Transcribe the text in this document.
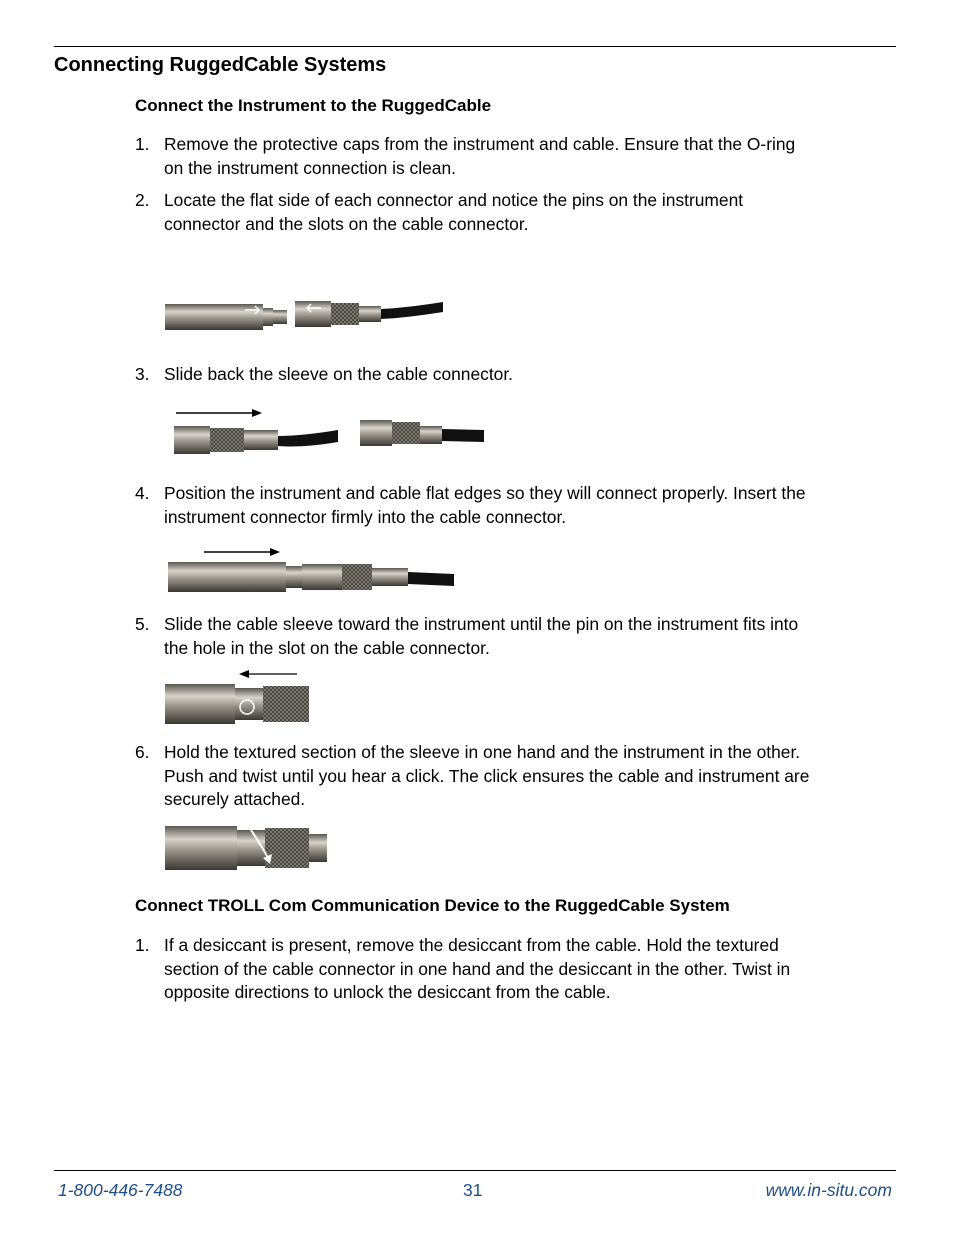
Connecting RuggedCable Systems
Connect the Instrument to the RuggedCable
1. Remove the protective caps from the instrument and cable. Ensure that the O-ring
on the instrument connection is clean.
2. Locate the flat side of each connector and notice the pins on the instrument
connector and the slots on the cable connector.
3. Slide back the sleeve on the cable connector.
4. Position the instrument and cable flat edges so they will connect properly. Insert the
instrument connector firmly into the cable connector.
5. Slide the cable sleeve toward the instrument until the pin on the instrument fits into
the hole in the slot on the cable connector.
6. Hold the textured section of the sleeve in one hand and the instrument in the other.
Push and twist until you hear a click. The click ensures the cable and instrument are
securely attached.
Connect TROLL Com Communication Device to the RuggedCable System
1. If a desiccant is present, remove the desiccant from the cable. Hold the textured
section of the cable connector in one hand and the desiccant in the other. Twist in
opposite directions to unlock the desiccant from the cable.
1-800-446-7488	31	www.in-situ.com
